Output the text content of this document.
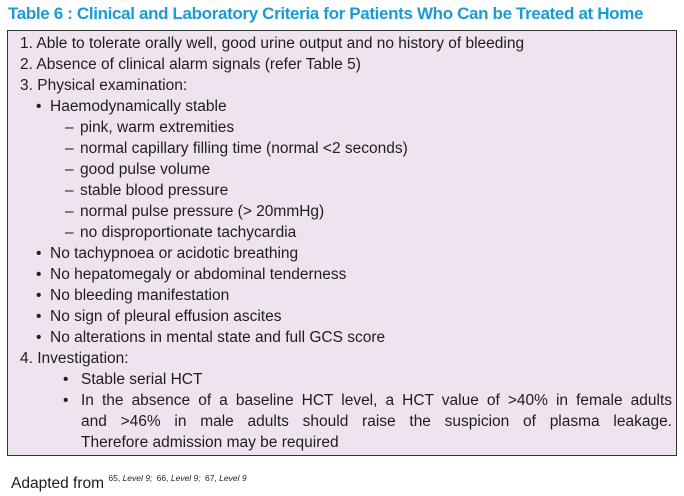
Table 6 : Clinical and Laboratory Criteria for Patients Who Can be Treated at Home
1. Able to tolerate orally well, good urine output and no history of bleeding
2. Absence of clinical alarm signals (refer Table 5)
3. Physical examination:
• Haemodynamically stable
– pink, warm extremities
– normal capillary filling time (normal <2 seconds)
– good pulse volume
– stable blood pressure
– normal pulse pressure (> 20mmHg)
– no disproportionate tachycardia
• No tachypnoea or acidotic breathing
• No hepatomegaly or abdominal tenderness
• No bleeding manifestation
• No sign of pleural effusion ascites
• No alterations in mental state and full GCS score
4. Investigation:
• Stable serial HCT
• In the absence of a baseline HCT level, a HCT value of >40% in female adults
and >46% in male adults should raise the suspicion of plasma leakage.
Therefore admission may be required
Adapted from $^{65, Level 9;}$ $^{66, Level 9;}$ $^{67, Level 9}$
